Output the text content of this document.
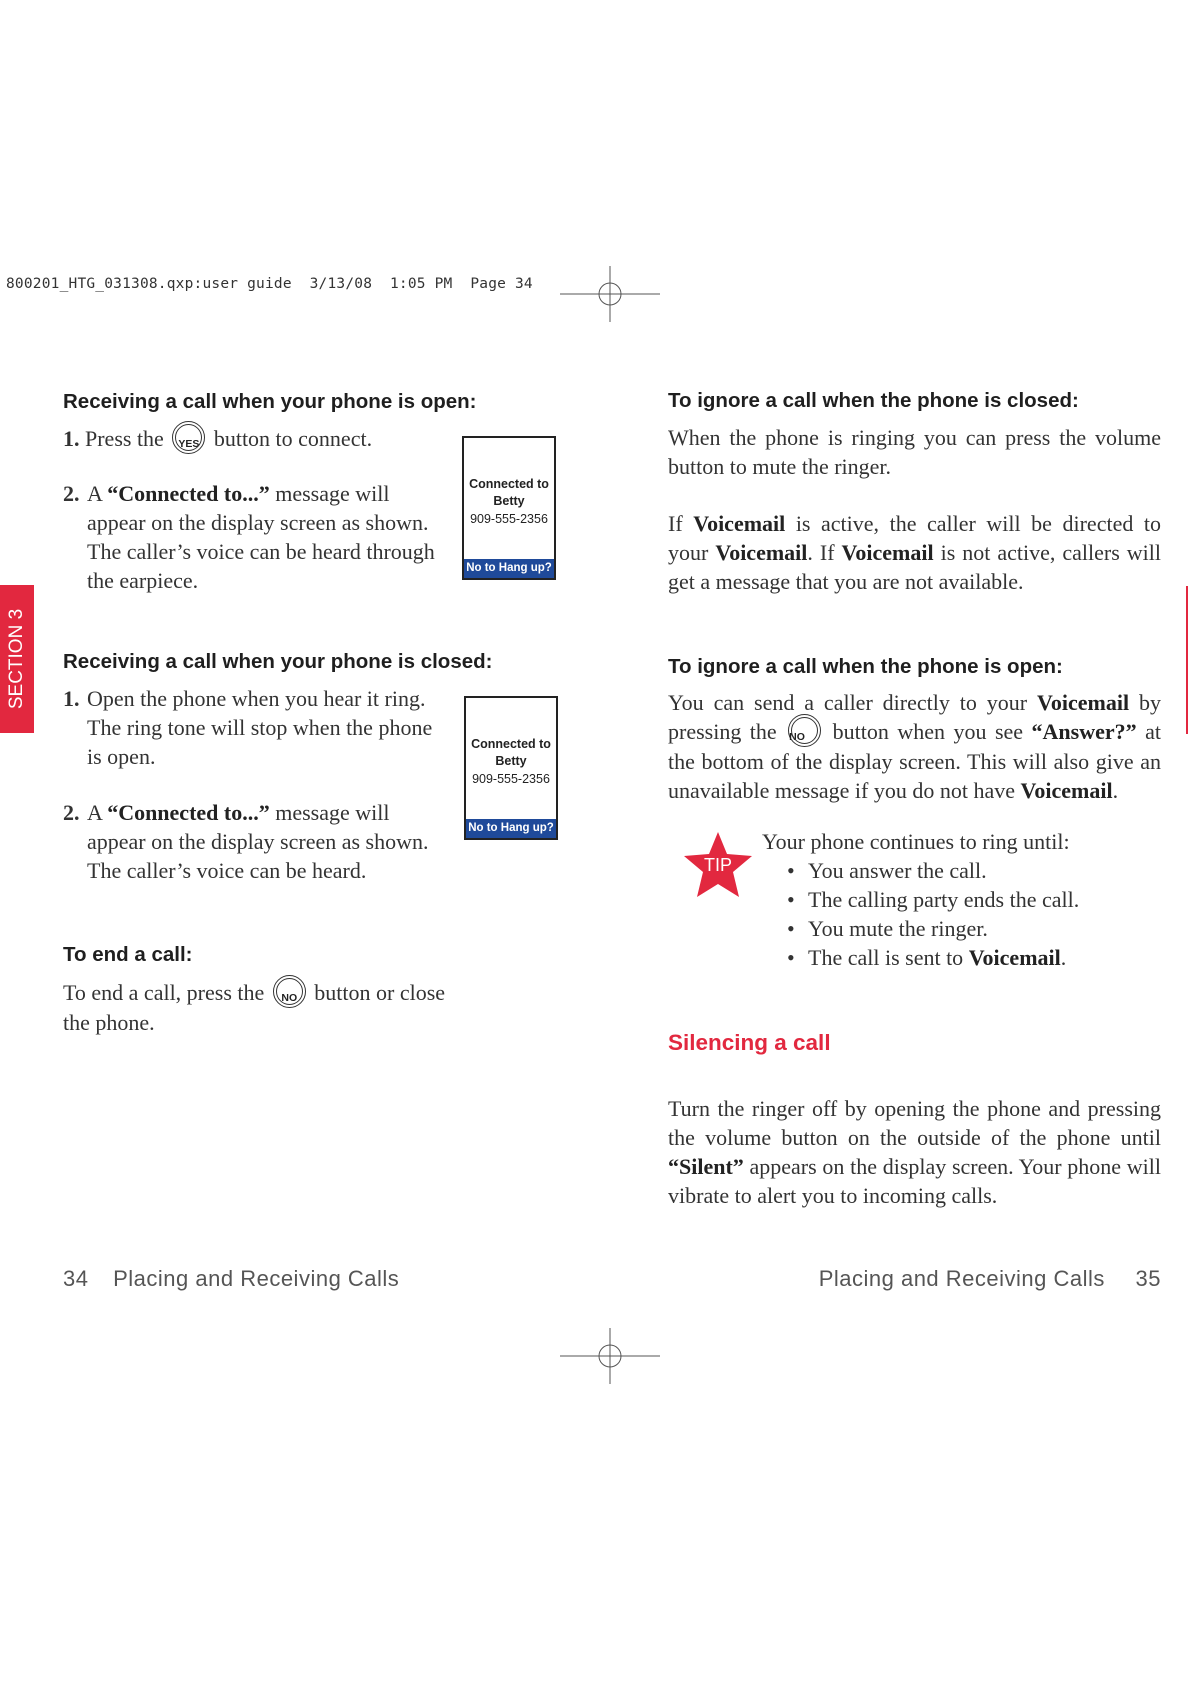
800201_HTG_031308.qxp:user guide  3/13/08  1:05 PM  Page 34
SECTION 3
Receiving a call when your phone is open:
1. Press the	YES button to connect.
2. A “Connected to...” message will appear on the display screen as shown. The caller’s voice can be heard through the earpiece.
Connected to
Betty
909-555-2356
No to Hang up?
Receiving a call when your phone is closed:
1. Open the phone when you hear it ring. The ring tone will stop when the phone is open.
2. A “Connected to...” message will appear on the display screen as shown. The caller’s voice can be heard.
Connected to
Betty
909-555-2356
No to Hang up?
To end a call:
To end a call, press the	NO button or close the phone.
To ignore a call when the phone is closed:
When the phone is ringing you can press the volume button to mute the ringer.
If Voicemail is active, the caller will be directed to your Voicemail. If Voicemail is not active, callers will get a message that you are not available.
To ignore a call when the phone is open:
You can send a caller directly to your Voicemail by pressing the NO	button when you see “Answer?” at the bottom of the display screen. This will also give an unavailable message if you do not have Voicemail.
TIP
Your phone continues to ring until:
• You answer the call.
• The calling party ends the call.
• You mute the ringer.
• The call is sent to Voicemail.
Silencing a call
Turn the ringer off by opening the phone and pressing the volume button on the outside of the phone until “Silent” appears on the display screen. Your phone will vibrate to alert you to incoming calls.
34 Placing and Receiving Calls	Placing and Receiving Calls 35
